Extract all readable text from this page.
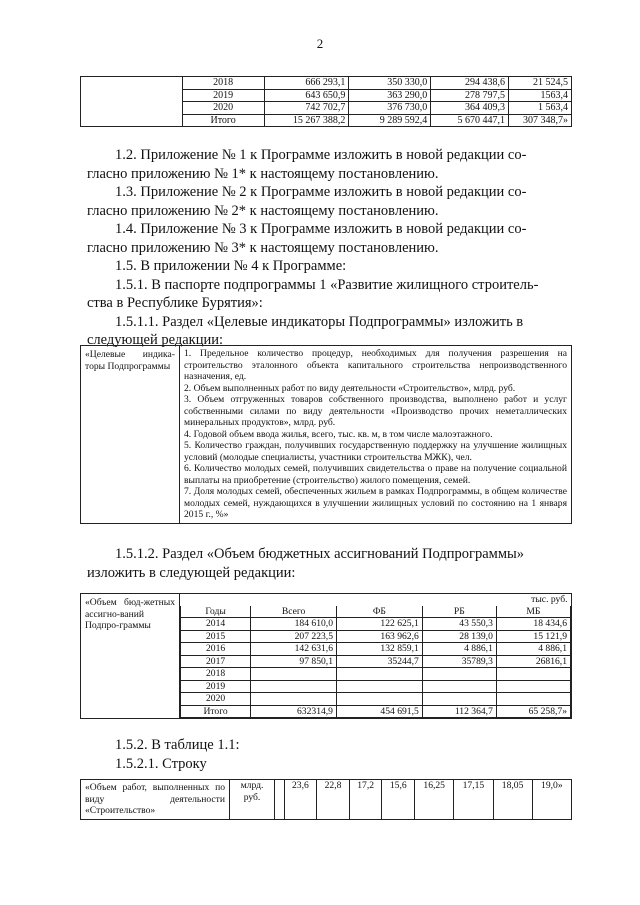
2
	2018	666 293,1	350 330,0	294 438,6	21 524,5
	2019	643 650,9	363 290,0	278 797,5	1563,4
	2020	742 702,7	376 730,0	364 409,3	1 563,4
	Итого	15 267 388,2	9 289 592,4	5 670 447,1	307 348,7»

1.2. Приложение № 1 к Программе изложить в новой редакции со-

гласно приложению № 1* к настоящему постановлению.

1.3. Приложение № 2 к Программе изложить в новой редакции со-

гласно приложению № 2* к настоящему постановлению.

1.4. Приложение № 3 к Программе изложить в новой редакции со-

гласно приложению № 3* к настоящему постановлению.

1.5. В приложении № 4 к Программе:

1.5.1. В паспорте подпрограммы 1 «Развитие жилищного строитель-

ства в Республике Бурятия»:

1.5.1.1. Раздел «Целевые индикаторы Подпрограммы» изложить в

следующей редакции:

«Целевые индика-торы Подпрограммы	
1. Предельное количество процедур, необходимых для получения разрешения на строительство эталонного объекта капитального строительства непроизводственного назначения, ед.
2. Объем выполненных работ по виду деятельности «Строительство», млрд. руб.
3. Объем отгруженных товаров собственного производства, выполнено работ и услуг собственными силами по виду деятельности «Производство прочих неметаллических минеральных продуктов», млрд. руб.
4. Годовой объем ввода жилья, всего, тыс. кв. м, в том числе малоэтажного.
5. Количество граждан, получивших государственную поддержку на улучшение жилищных условий (молодые специалисты, участники строительства МЖК), чел.
6. Количество молодых семей, получивших свидетельства о праве на получение социальной выплаты на приобретение (строительство) жилого помещения, семей.
7. Доля молодых семей, обеспеченных жильем в рамках Подпрограммы, в общем количестве молодых семей, нуждающихся в улучшении жилищных условий по состоянию на 1 января 2015 г., %»

1.5.1.2. Раздел «Объем бюджетных ассигнований Подпрограммы»

изложить в следующей редакции:

«Объем бюд-жетных ассигно-ваний Подпро-граммы	
тыс. руб.
Годы	Всего	ФБ	РБ	МБ
2014	184 610,0	122 625,1	43 550,3	18 434,6
2015	207 223,5	163 962,6	28 139,0	15 121,9
2016	142 631,6	132 859,1	4 886,1	4 886,1
2017	97 850,1	35244,7	35789,3	26816,1
2018				
2019				
2020				
Итого	632314,9	454 691,5	112 364,7	65 258,7»

1.5.2. В таблице 1.1:

1.5.2.1. Строку

«Объем работ, выполненных по виду деятельности «Строительство»	млрд. руб.		23,6	22,8	17,2	15,6	16,25	17,15	18,05	19,0»
